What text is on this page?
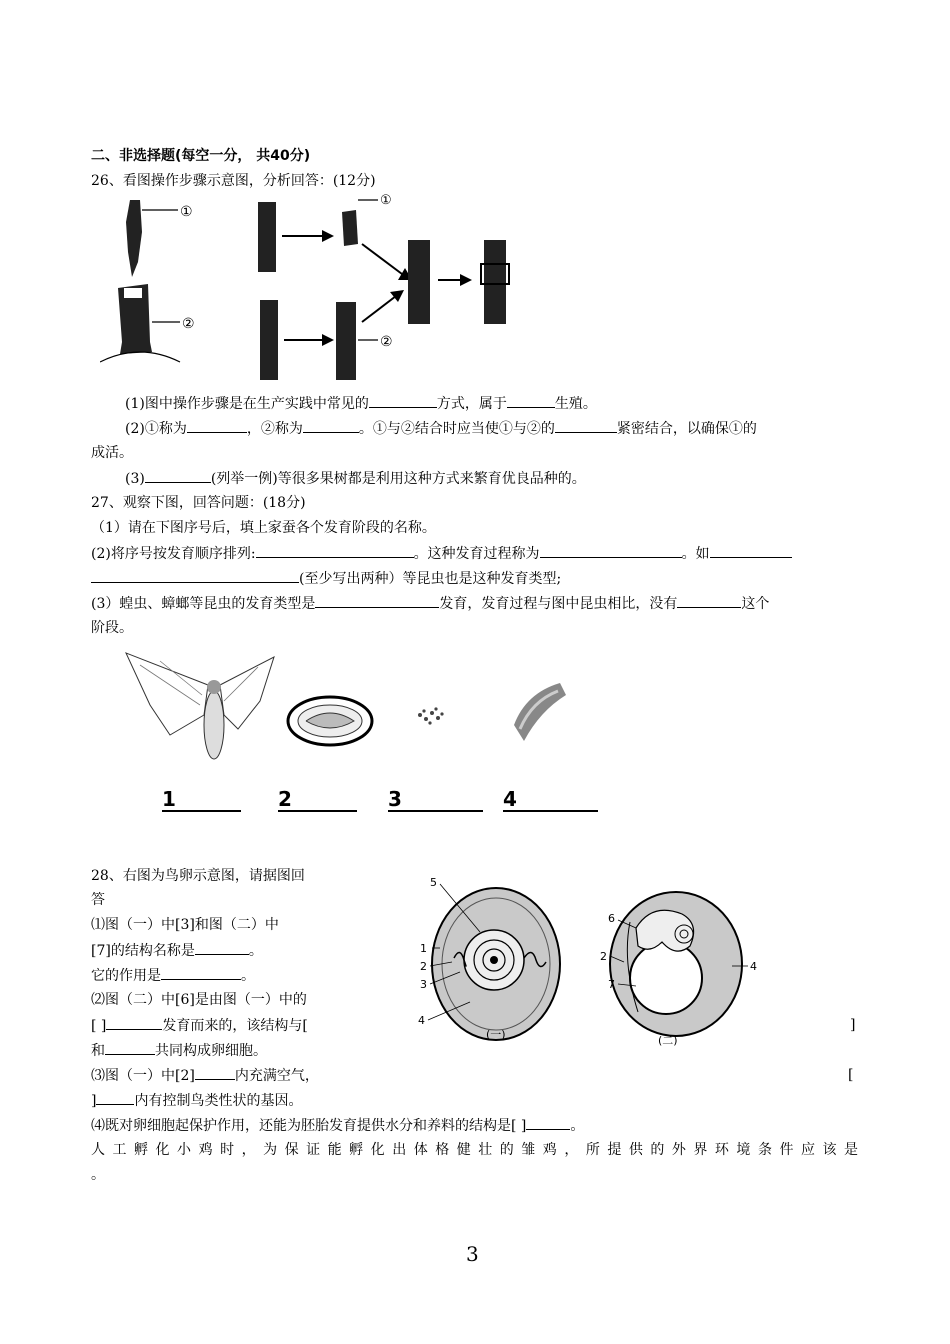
二、非选择题(每空一分， 共40分)
26、看图操作步骤示意图，分析回答：(12分)
①
②
①
②
(1)图中操作步骤是在生产实践中常见的	方式，属于	生殖。
(2)①称为	，②称为	。①与②结合时应当使①与②的	紧密结合，以确保①的
成活。
(3)	(列举一例)等很多果树都是利用这种方式来繁育优良品种的。
27、观察下图，回答问题：(18分)
（1）请在下图序号后，填上家蚕各个发育阶段的名称。
(2)将序号按发育顺序排列:	。这种发育过程称为	。如
(至少写出两种）等昆虫也是这种发育类型;
(3）蝗虫、蟑螂等昆虫的发育类型是	发育，发育过程与图中昆虫相比，没有	这个
阶段。
1	2	3	4
28、右图为鸟卵示意图，请据图回
答
⑴图（一）中[3]和图（二）中
[7]的结构名称是	。
它的作用是	。
⑵图（二）中[6]是由图（一）中的
[ ]	发育而来的，该结构与[	]
和	共同构成卵细胞。
⑶图（一）中[2]	内充满空气，	[
]	内有控制鸟类性状的基因。
⑷既对卵细胞起保护作用，还能为胚胎发育提供水分和养料的结构是[ ]	。
人工孵化小鸡时，为保证能孵化出体格健壮的雏鸡，所提供的外界环境条件应该是
。
5
1
2
3
4
(一)
6
2
7
4
(二)
3
